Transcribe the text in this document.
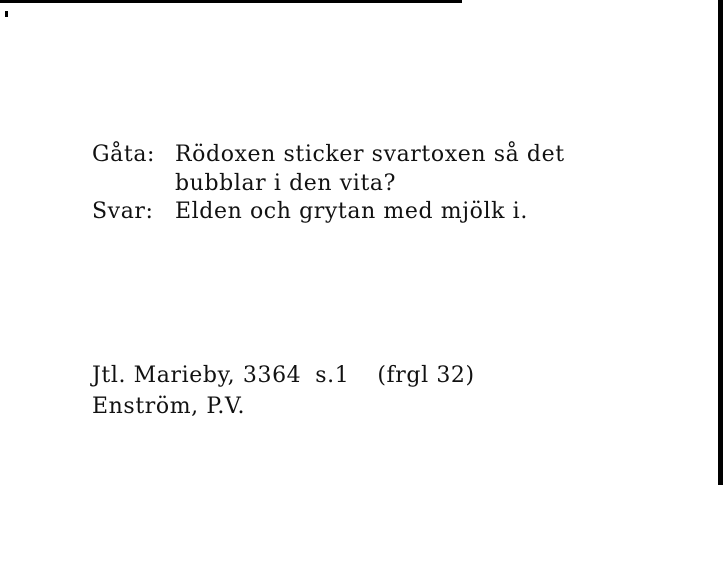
Gåta: Rödoxen sticker svartoxen så det
bubblar i den vita?
Svar: Elden och grytan med mjölk i.
Jtl. Marieby, 3364 s.1 (frgl 32)
Enström, P.V.
